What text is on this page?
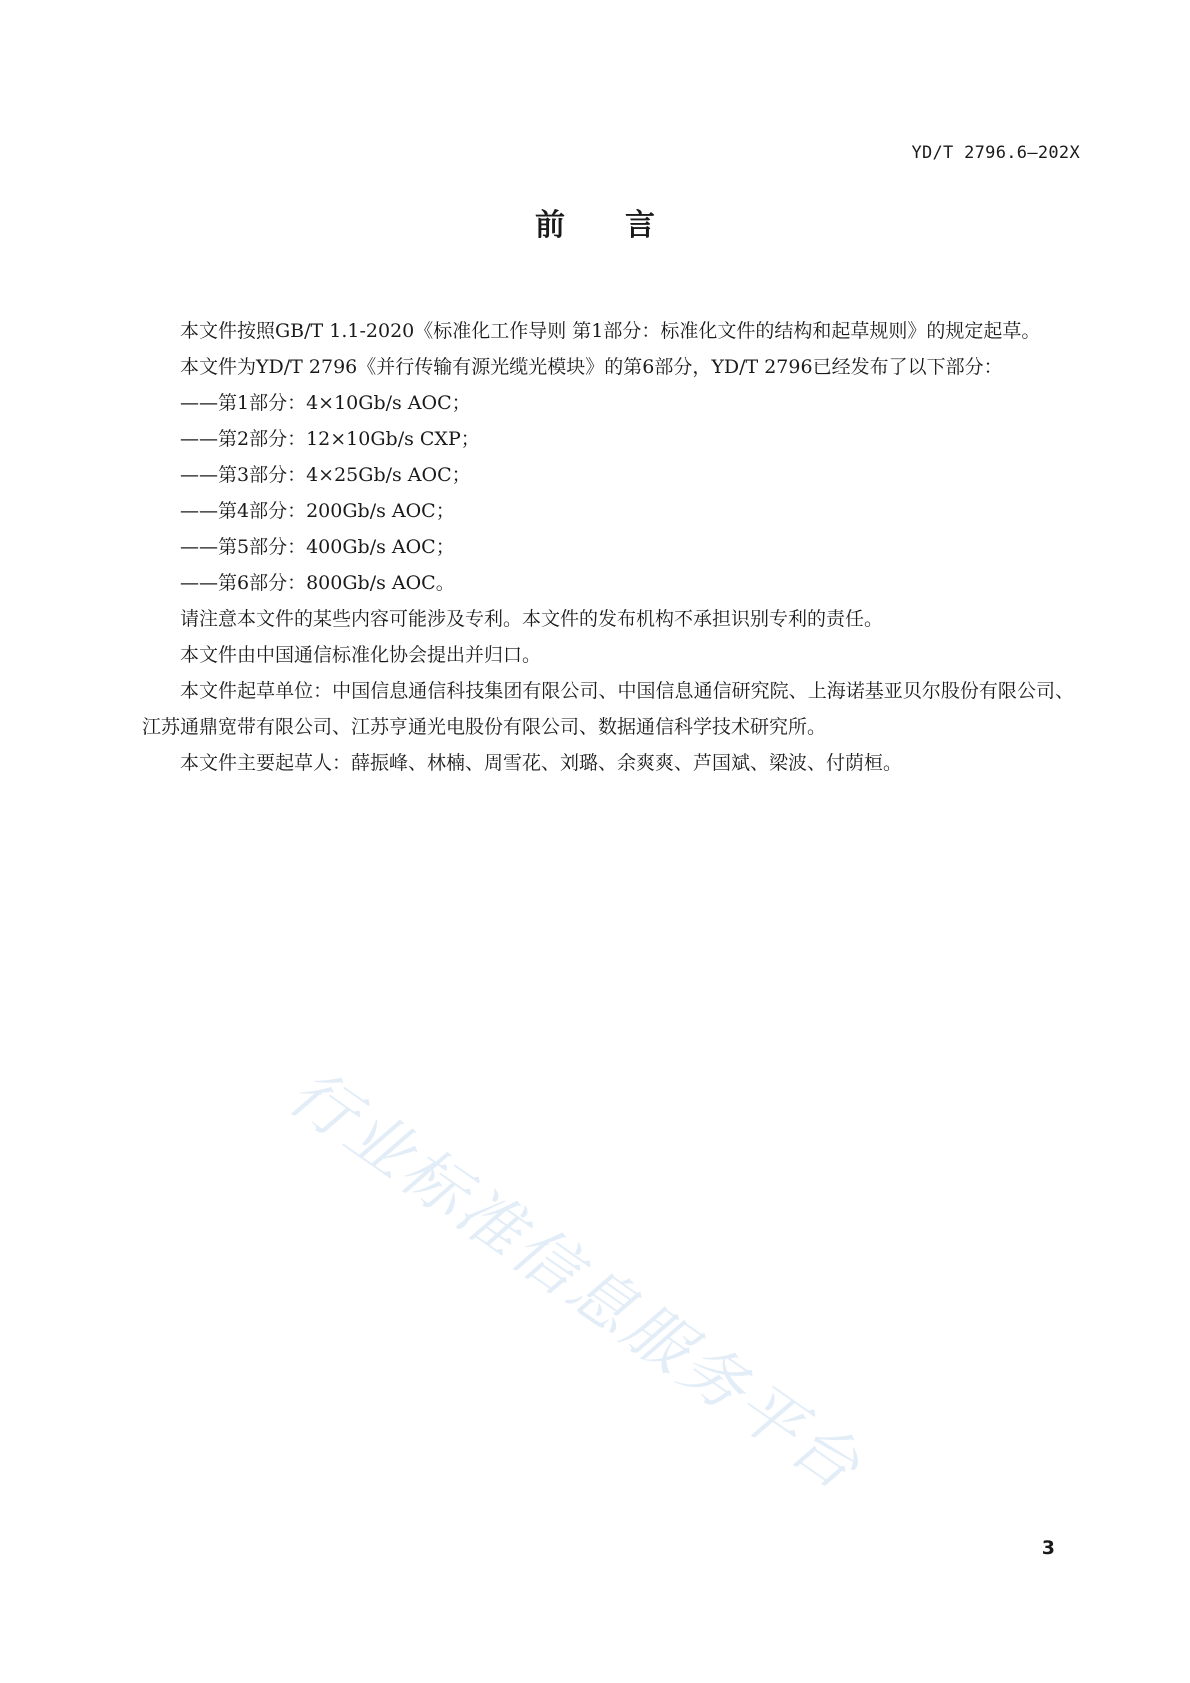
YD/T 2796.6—202X
前言

本文件按照GB/T 1.1-2020《标准化工作导则 第1部分：标准化文件的结构和起草规则》的规定起草。

本文件为YD/T 2796《并行传输有源光缆光模块》的第6部分，YD/T 2796已经发布了以下部分：

——第1部分：4×10Gb/s AOC；

——第2部分：12×10Gb/s CXP；

——第3部分：4×25Gb/s AOC；

——第4部分：200Gb/s AOC；

——第5部分：400Gb/s AOC；

——第6部分：800Gb/s AOC。

请注意本文件的某些内容可能涉及专利。本文件的发布机构不承担识别专利的责任。

本文件由中国通信标准化协会提出并归口。

本文件起草单位：中国信息通信科技集团有限公司、中国信息通信研究院、上海诺基亚贝尔股份有限公司、江苏通鼎宽带有限公司、江苏亨通光电股份有限公司、数据通信科学技术研究所。

本文件主要起草人：薛振峰、林楠、周雪花、刘璐、余爽爽、芦国斌、梁波、付荫桓。

行业标准信息服务平台
3
